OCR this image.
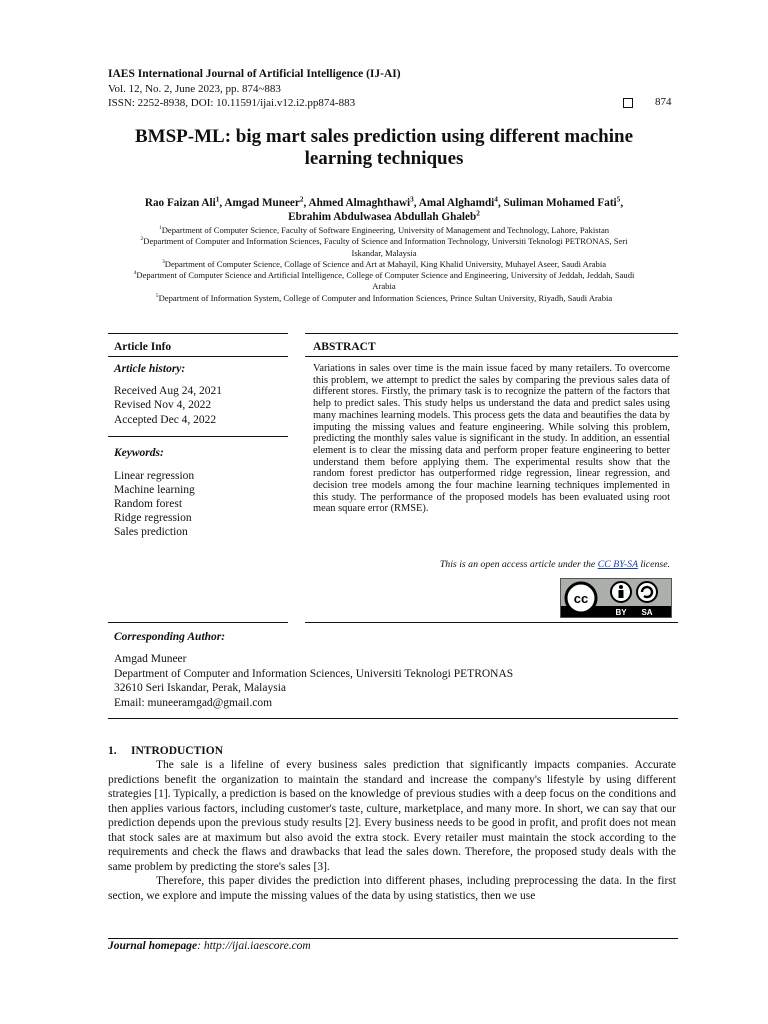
IAES International Journal of Artificial Intelligence (IJ-AI)
Vol. 12, No. 2, June 2023, pp. 874~883
ISSN: 2252-8938, DOI: 10.11591/ijai.v12.i2.pp874-883	874
BMSP-ML: big mart sales prediction using different machine
learning techniques
Rao Faizan Ali$^1$, Amgad Muneer$^2$, Ahmed Almaghthawi$^3$, Amal Alghamdi$^4$, Suliman Mohamed Fati$^5$,
Ebrahim Abdulwasea Abdullah Ghaleb$^2$
$^1$Department of Computer Science, Faculty of Software Engineering, University of Management and Technology, Lahore, Pakistan
$^2$Department of Computer and Information Sciences, Faculty of Science and Information Technology, Universiti Teknologi PETRONAS, Seri Iskandar, Malaysia
$^3$Department of Computer Science, Collage of Science and Art at Mahayil, King Khalid University, Muhayel Aseer, Saudi Arabia
$^4$Department of Computer Science and Artificial Intelligence, College of Computer Science and Engineering, University of Jeddah, Jeddah, Saudi Arabia
$^5$Department of Information System, College of Computer and Information Sciences, Prince Sultan University, Riyadh, Saudi Arabia
Article Info
Article history:
Received Aug 24, 2021
Revised Nov 4, 2022
Accepted Dec 4, 2022
Keywords:
Linear regression
Machine learning
Random forest
Ridge regression
Sales prediction
ABSTRACT
Variations in sales over time is the main issue faced by many retailers. To overcome this problem, we attempt to predict the sales by comparing the previous sales data of different stores. Firstly, the primary task is to recognize the pattern of the factors that help to predict sales. This study helps us understand the data and predict sales using many machines learning models. This process gets the data and beautifies the data by imputing the missing values and feature engineering. While solving this problem, predicting the monthly sales value is significant in the study. In addition, an essential element is to clear the missing data and perform proper feature engineering to better understand them before applying them. The experimental results show that the random forest predictor has outperformed ridge regression, linear regression, and decision tree models among the four machine learning techniques implemented in this study. The performance of the proposed models has been evaluated using root mean square error (RMSE).
This is an open access article under the CC BY-SA license.
cc
BY SA
Corresponding Author:
Amgad Muneer
Department of Computer and Information Sciences, Universiti Teknologi PETRONAS
32610 Seri Iskandar, Perak, Malaysia
Email: muneeramgad@gmail.com
1.     INTRODUCTION

The sale is a lifeline of every business sales prediction that significantly impacts companies. Accurate predictions benefit the organization to maintain the standard and increase the company's lifestyle by using different strategies [1]. Typically, a prediction is based on the knowledge of previous studies with a deep focus on the conditions and then applies various factors, including customer's taste, culture, marketplace, and many more. In short, we can say that our prediction depends upon the previous study results [2]. Every business needs to be good in profit, and profit does not mean that stock sales are at maximum but also avoid the extra stock. Every retailer must maintain the stock according to the requirements and check the flaws and drawbacks that lead the sales down. Therefore, the proposed study deals with the same problem by predicting the store's sales [3].

Therefore, this paper divides the prediction into different phases, including preprocessing the data. In the first section, we explore and impute the missing values of the data by using statistics, then we use

Journal homepage: http://ijai.iaescore.com
